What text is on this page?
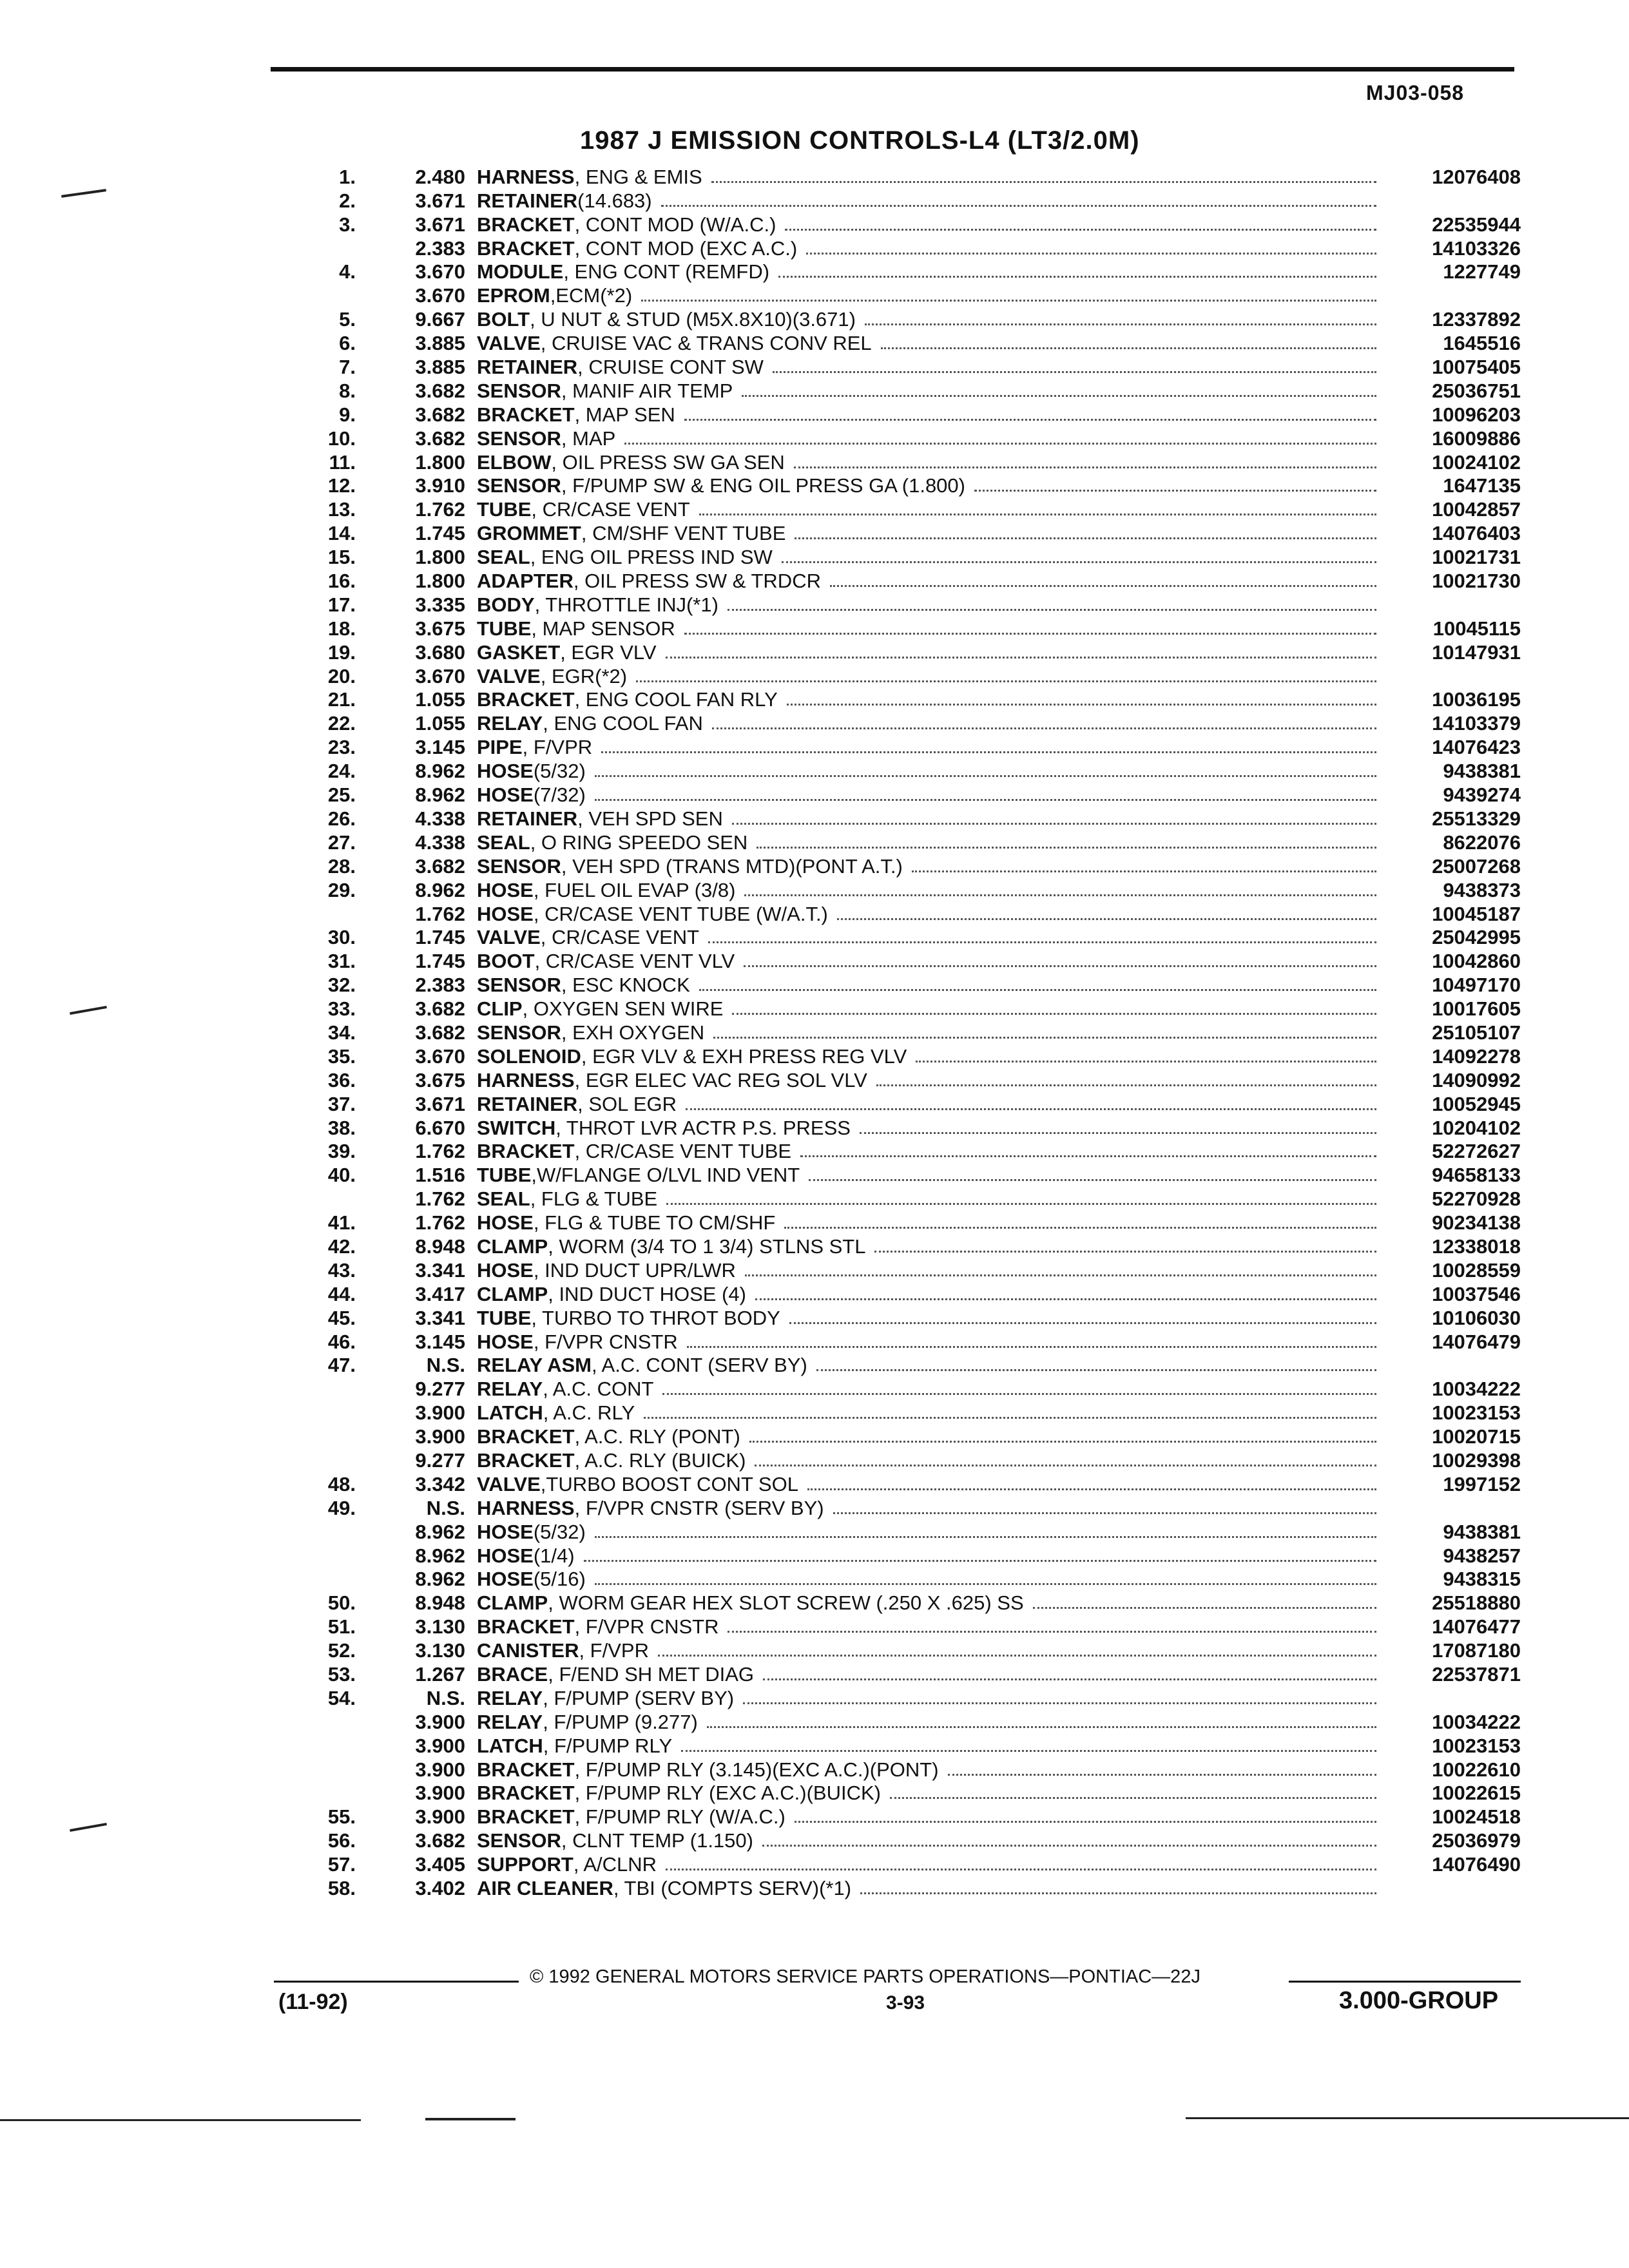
MJ03-058
1987 J EMISSION CONTROLS-L4 (LT3/2.0M)
1.	2.480 HARNESS , ENG & EMIS	12076408
2.	3.671 RETAINER (14.683)
3.	3.671 BRACKET , CONT MOD (W/A.C.)	22535944
2.383 BRACKET , CONT MOD (EXC A.C.)	14103326
4.	3.670 MODULE , ENG CONT (REMFD)	1227749
3.670 EPROM ,ECM(*2)
5.	9.667 BOLT , U NUT & STUD (M5X.8X10)(3.671)	12337892
6.	3.885 VALVE , CRUISE VAC & TRANS CONV REL	1645516
7.	3.885 RETAINER , CRUISE CONT SW	10075405
8.	3.682 SENSOR , MANIF AIR TEMP	25036751
9.	3.682 BRACKET , MAP SEN	10096203
10.	3.682 SENSOR , MAP	16009886
11.	1.800 ELBOW , OIL PRESS SW GA SEN	10024102
12.	3.910 SENSOR , F/PUMP SW & ENG OIL PRESS GA (1.800)	1647135
13.	1.762 TUBE , CR/CASE VENT	10042857
14.	1.745 GROMMET , CM/SHF VENT TUBE	14076403
15.	1.800 SEAL , ENG OIL PRESS IND SW	10021731
16.	1.800 ADAPTER , OIL PRESS SW & TRDCR	10021730
17.	3.335 BODY , THROTTLE INJ(*1)
18.	3.675 TUBE , MAP SENSOR	10045115
19.	3.680 GASKET , EGR VLV	10147931
20.	3.670 VALVE , EGR(*2)
21.	1.055 BRACKET , ENG COOL FAN RLY	10036195
22.	1.055 RELAY , ENG COOL FAN	14103379
23.	3.145 PIPE , F/VPR	14076423
24.	8.962 HOSE (5/32)	9438381
25.	8.962 HOSE (7/32)	9439274
26.	4.338 RETAINER , VEH SPD SEN	25513329
27.	4.338 SEAL , O RING SPEEDO SEN	8622076
28.	3.682 SENSOR , VEH SPD (TRANS MTD)(PONT A.T.)	25007268
29.	8.962 HOSE , FUEL OIL EVAP (3/8)	9438373
1.762 HOSE , CR/CASE VENT TUBE (W/A.T.)	10045187
30.	1.745 VALVE , CR/CASE VENT	25042995
31.	1.745 BOOT , CR/CASE VENT VLV	10042860
32.	2.383 SENSOR , ESC KNOCK	10497170
33.	3.682 CLIP , OXYGEN SEN WIRE	10017605
34.	3.682 SENSOR , EXH OXYGEN	25105107
35.	3.670 SOLENOID , EGR VLV & EXH PRESS REG VLV	14092278
36.	3.675 HARNESS , EGR ELEC VAC REG SOL VLV	14090992
37.	3.671 RETAINER , SOL EGR	10052945
38.	6.670 SWITCH , THROT LVR ACTR P.S. PRESS	10204102
39.	1.762 BRACKET , CR/CASE VENT TUBE	52272627
40.	1.516 TUBE ,W/FLANGE O/LVL IND VENT	94658133
1.762 SEAL , FLG & TUBE	52270928
41.	1.762 HOSE , FLG & TUBE TO CM/SHF	90234138
42.	8.948 CLAMP , WORM (3/4 TO 1 3/4) STLNS STL	12338018
43.	3.341 HOSE , IND DUCT UPR/LWR	10028559
44.	3.417 CLAMP , IND DUCT HOSE (4)	10037546
45.	3.341 TUBE , TURBO TO THROT BODY	10106030
46.	3.145 HOSE , F/VPR CNSTR	14076479
47.	N.S. RELAY ASM , A.C. CONT (SERV BY)
9.277 RELAY , A.C. CONT	10034222
3.900 LATCH , A.C. RLY	10023153
3.900 BRACKET , A.C. RLY (PONT)	10020715
9.277 BRACKET , A.C. RLY (BUICK)	10029398
48.	3.342 VALVE ,TURBO BOOST CONT SOL	1997152
49.	N.S. HARNESS , F/VPR CNSTR (SERV BY)
8.962 HOSE (5/32)	9438381
8.962 HOSE (1/4)	9438257
8.962 HOSE (5/16)	9438315
50.	8.948 CLAMP , WORM GEAR HEX SLOT SCREW (.250 X .625) SS	25518880
51.	3.130 BRACKET , F/VPR CNSTR	14076477
52.	3.130 CANISTER , F/VPR	17087180
53.	1.267 BRACE , F/END SH MET DIAG	22537871
54.	N.S. RELAY , F/PUMP (SERV BY)
3.900 RELAY , F/PUMP (9.277)	10034222
3.900 LATCH , F/PUMP RLY	10023153
3.900 BRACKET , F/PUMP RLY (3.145)(EXC A.C.)(PONT)	10022610
3.900 BRACKET , F/PUMP RLY (EXC A.C.)(BUICK)	10022615
55.	3.900 BRACKET , F/PUMP RLY (W/A.C.)	10024518
56.	3.682 SENSOR , CLNT TEMP (1.150)	25036979
57.	3.405 SUPPORT , A/CLNR	14076490
58.	3.402 AIR CLEANER , TBI (COMPTS SERV)(*1)
© 1992 GENERAL MOTORS SERVICE PARTS OPERATIONS—PONTIAC—22J
(11-92)	3-93	3.000-GROUP
